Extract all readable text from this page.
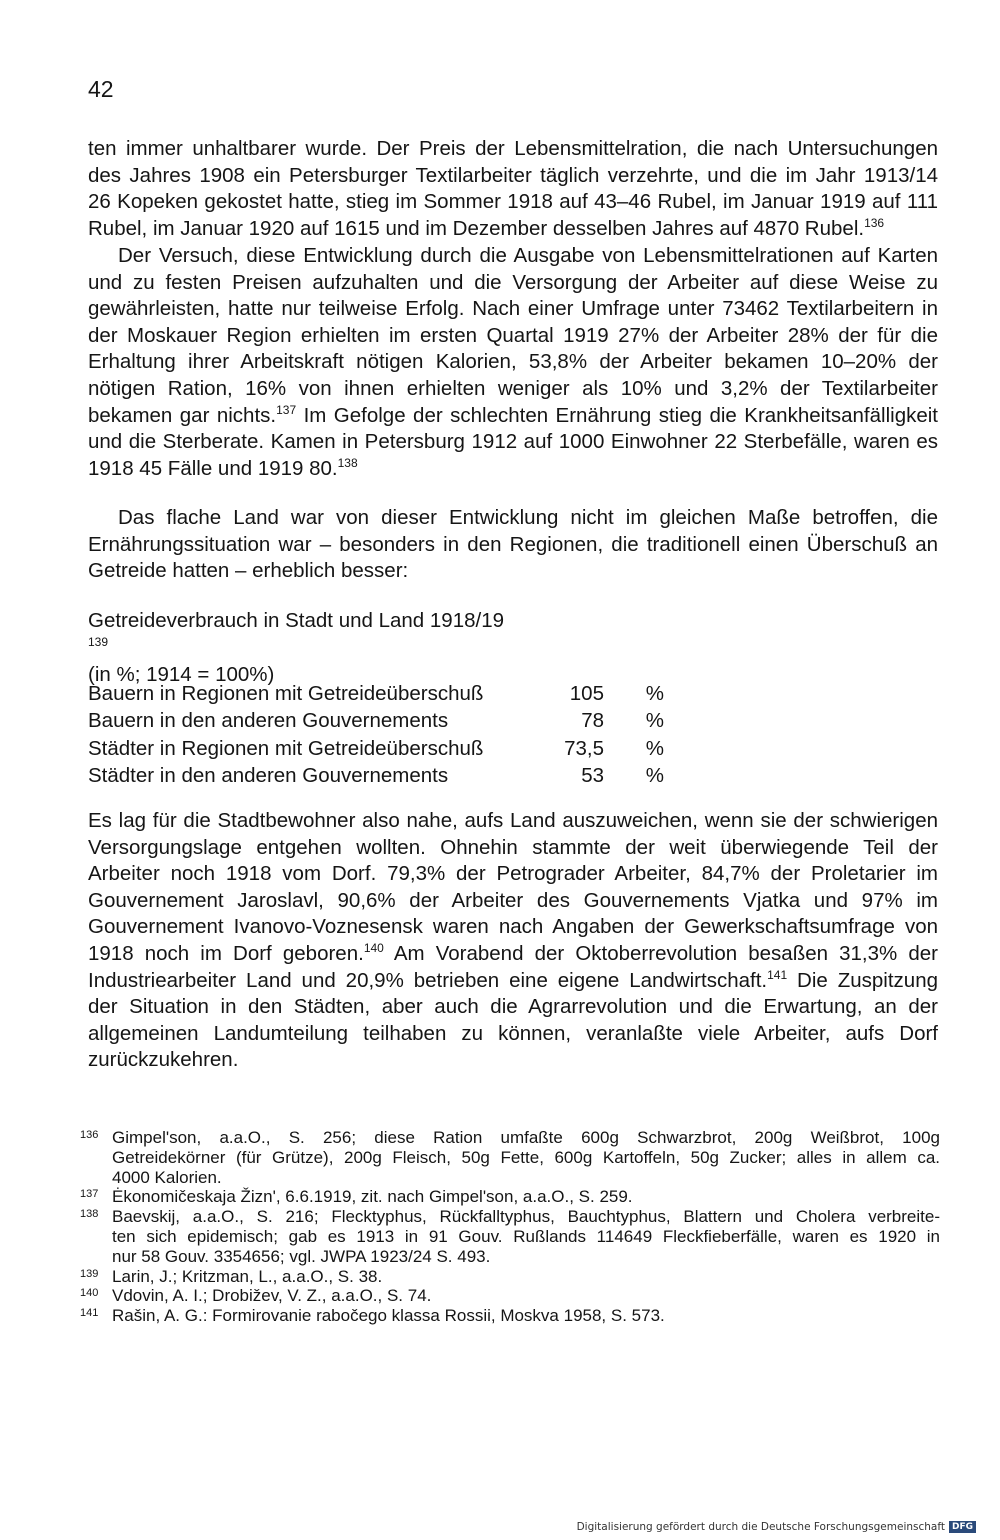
42
ten immer unhaltbarer wurde. Der Preis der Lebensmittelration, die nach Untersuchungen
des Jahres 1908 ein Petersburger Textilarbeiter täglich verzehrte, und die im Jahr 1913/14
26 Kopeken gekostet hatte, stieg im Sommer 1918 auf 43–46 Rubel, im Januar 1919 auf 111
Rubel, im Januar 1920 auf 1615 und im Dezember desselben Jahres auf 4870 Rubel.$^{136}$
Der Versuch, diese Entwicklung durch die Ausgabe von Lebensmittelrationen auf Karten
und zu festen Preisen aufzuhalten und die Versorgung der Arbeiter auf diese Weise zu
gewährleisten, hatte nur teilweise Erfolg. Nach einer Umfrage unter 73462 Textilarbeitern in
der Moskauer Region erhielten im ersten Quartal 1919 27% der Arbeiter 28% der für die
Erhaltung ihrer Arbeitskraft nötigen Kalorien, 53,8% der Arbeiter bekamen 10–20% der
nötigen Ration, 16% von ihnen erhielten weniger als 10% und 3,2% der Textilarbeiter
bekamen gar nichts.$^{137}$ Im Gefolge der schlechten Ernährung stieg die Krankheitsanfälligkeit
und die Sterberate. Kamen in Petersburg 1912 auf 1000 Einwohner 22 Sterbefälle, waren es
1918 45 Fälle und 1919 80.$^{138}$
Das flache Land war von dieser Entwicklung nicht im gleichen Maße betroffen, die
Ernährungssituation war – besonders in den Regionen, die traditionell einen Überschuß an
Getreide hatten – erheblich besser:
Getreideverbrauch in Stadt und Land 1918/19
$^{139}$
(in %; 1914 = 100%)
Bauern in Regionen mit Getreideüberschuß	105	%
Bauern in den anderen Gouvernements	78	%
Städter in Regionen mit Getreideüberschuß	73,5	%
Städter in den anderen Gouvernements	53	%
Es lag für die Stadtbewohner also nahe, aufs Land auszuweichen, wenn sie der schwierigen
Versorgungslage entgehen wollten. Ohnehin stammte der weit überwiegende Teil der
Arbeiter noch 1918 vom Dorf. 79,3% der Petrograder Arbeiter, 84,7% der Proletarier im
Gouvernement Jaroslavl, 90,6% der Arbeiter des Gouvernements Vjatka und 97% im
Gouvernement Ivanovo-Voznesensk waren nach Angaben der Gewerkschaftsumfrage von
1918 noch im Dorf geboren.$^{140}$ Am Vorabend der Oktoberrevolution besaßen 31,3% der
Industriearbeiter Land und 20,9% betrieben eine eigene Landwirtschaft.$^{141}$ Die Zuspitzung
der Situation in den Städten, aber auch die Agrarrevolution und die Erwartung, an der
allgemeinen Landumteilung teilhaben zu können, veranlaßte viele Arbeiter, aufs Dorf
zurückzukehren.
136 Gimpel'son, a.a.O., S. 256; diese Ration umfaßte 600g Schwarzbrot, 200g Weißbrot, 100g
Getreidekörner (für Grütze), 200g Fleisch, 50g Fette, 600g Kartoffeln, 50g Zucker; alles in allem ca.
4000 Kalorien.
137 Ėkonomičeskaja Žizn', 6.6.1919, zit. nach Gimpel'son, a.a.O., S. 259.
138 Baevskij, a.a.O., S. 216; Flecktyphus, Rückfalltyphus, Bauchtyphus, Blattern und Cholera verbreite-
ten sich epidemisch; gab es 1913 in 91 Gouv. Rußlands 114649 Fleckfieberfälle, waren es 1920 in
nur 58 Gouv. 3354656; vgl. JWPA 1923/24 S. 493.
139 Larin, J.; Kritzman, L., a.a.O., S. 38.
140 Vdovin, A. I.; Drobižev, V. Z., a.a.O., S. 74.
141 Rašin, A. G.: Formirovanie rabočego klassa Rossii, Moskva 1958, S. 573.
Digitalisierung gefördert durch die Deutsche Forschungsgemeinschaft DFG
